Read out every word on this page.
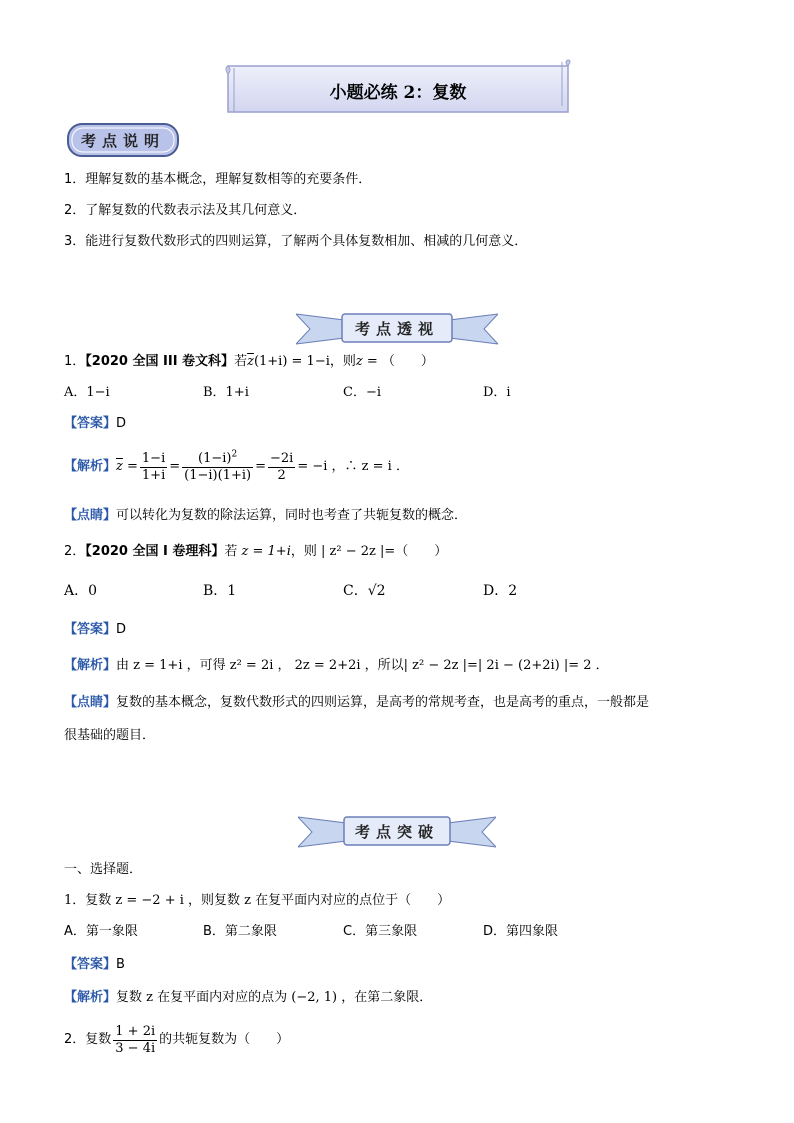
小题必练 2：复数
考点说明
1．理解复数的基本概念，理解复数相等的充要条件．
2．了解复数的代数表示法及其几何意义．
3．能进行复数代数形式的四则运算，了解两个具体复数相加、相减的几何意义．
考点透视
1．【2020 全国 III 卷文科】若$\overline{z}(1+i) = 1-i$，则z = （　　）
A．1−i	B．1+i	C．−i	D．i
【答案】D
【解析】 $\overline{z} = \frac{1-i}{1+i} = \frac{(1-i)^2}{(1-i)(1+i)} = \frac{-2i}{2} = -i$ ，∴ z = i ．
【点睛】可以转化为复数的除法运算，同时也考查了共轭复数的概念．
2．【2020 全国 I 卷理科】若 z = 1+i，则 | z² − 2z |=（　　）
A．0	B．1	C．√2	D．2
【答案】D
【解析】由 z = 1+i ，可得 z² = 2i ， 2z = 2+2i ，所以| z² − 2z |=| 2i − (2+2i) |= 2 ．
【点睛】复数的基本概念，复数代数形式的四则运算，是高考的常规考查，也是高考的重点，一般都是
很基础的题目．
考点突破
一、选择题．
1．复数 z = −2 + i ，则复数 z 在复平面内对应的点位于（　　）
A．第一象限	B．第二象限	C．第三象限	D．第四象限
【答案】B
【解析】复数 z 在复平面内对应的点为 (−2, 1) ，在第二象限．
2．复数 $\frac{1 + 2i}{3 - 4i}$ 的共轭复数为（　　）
